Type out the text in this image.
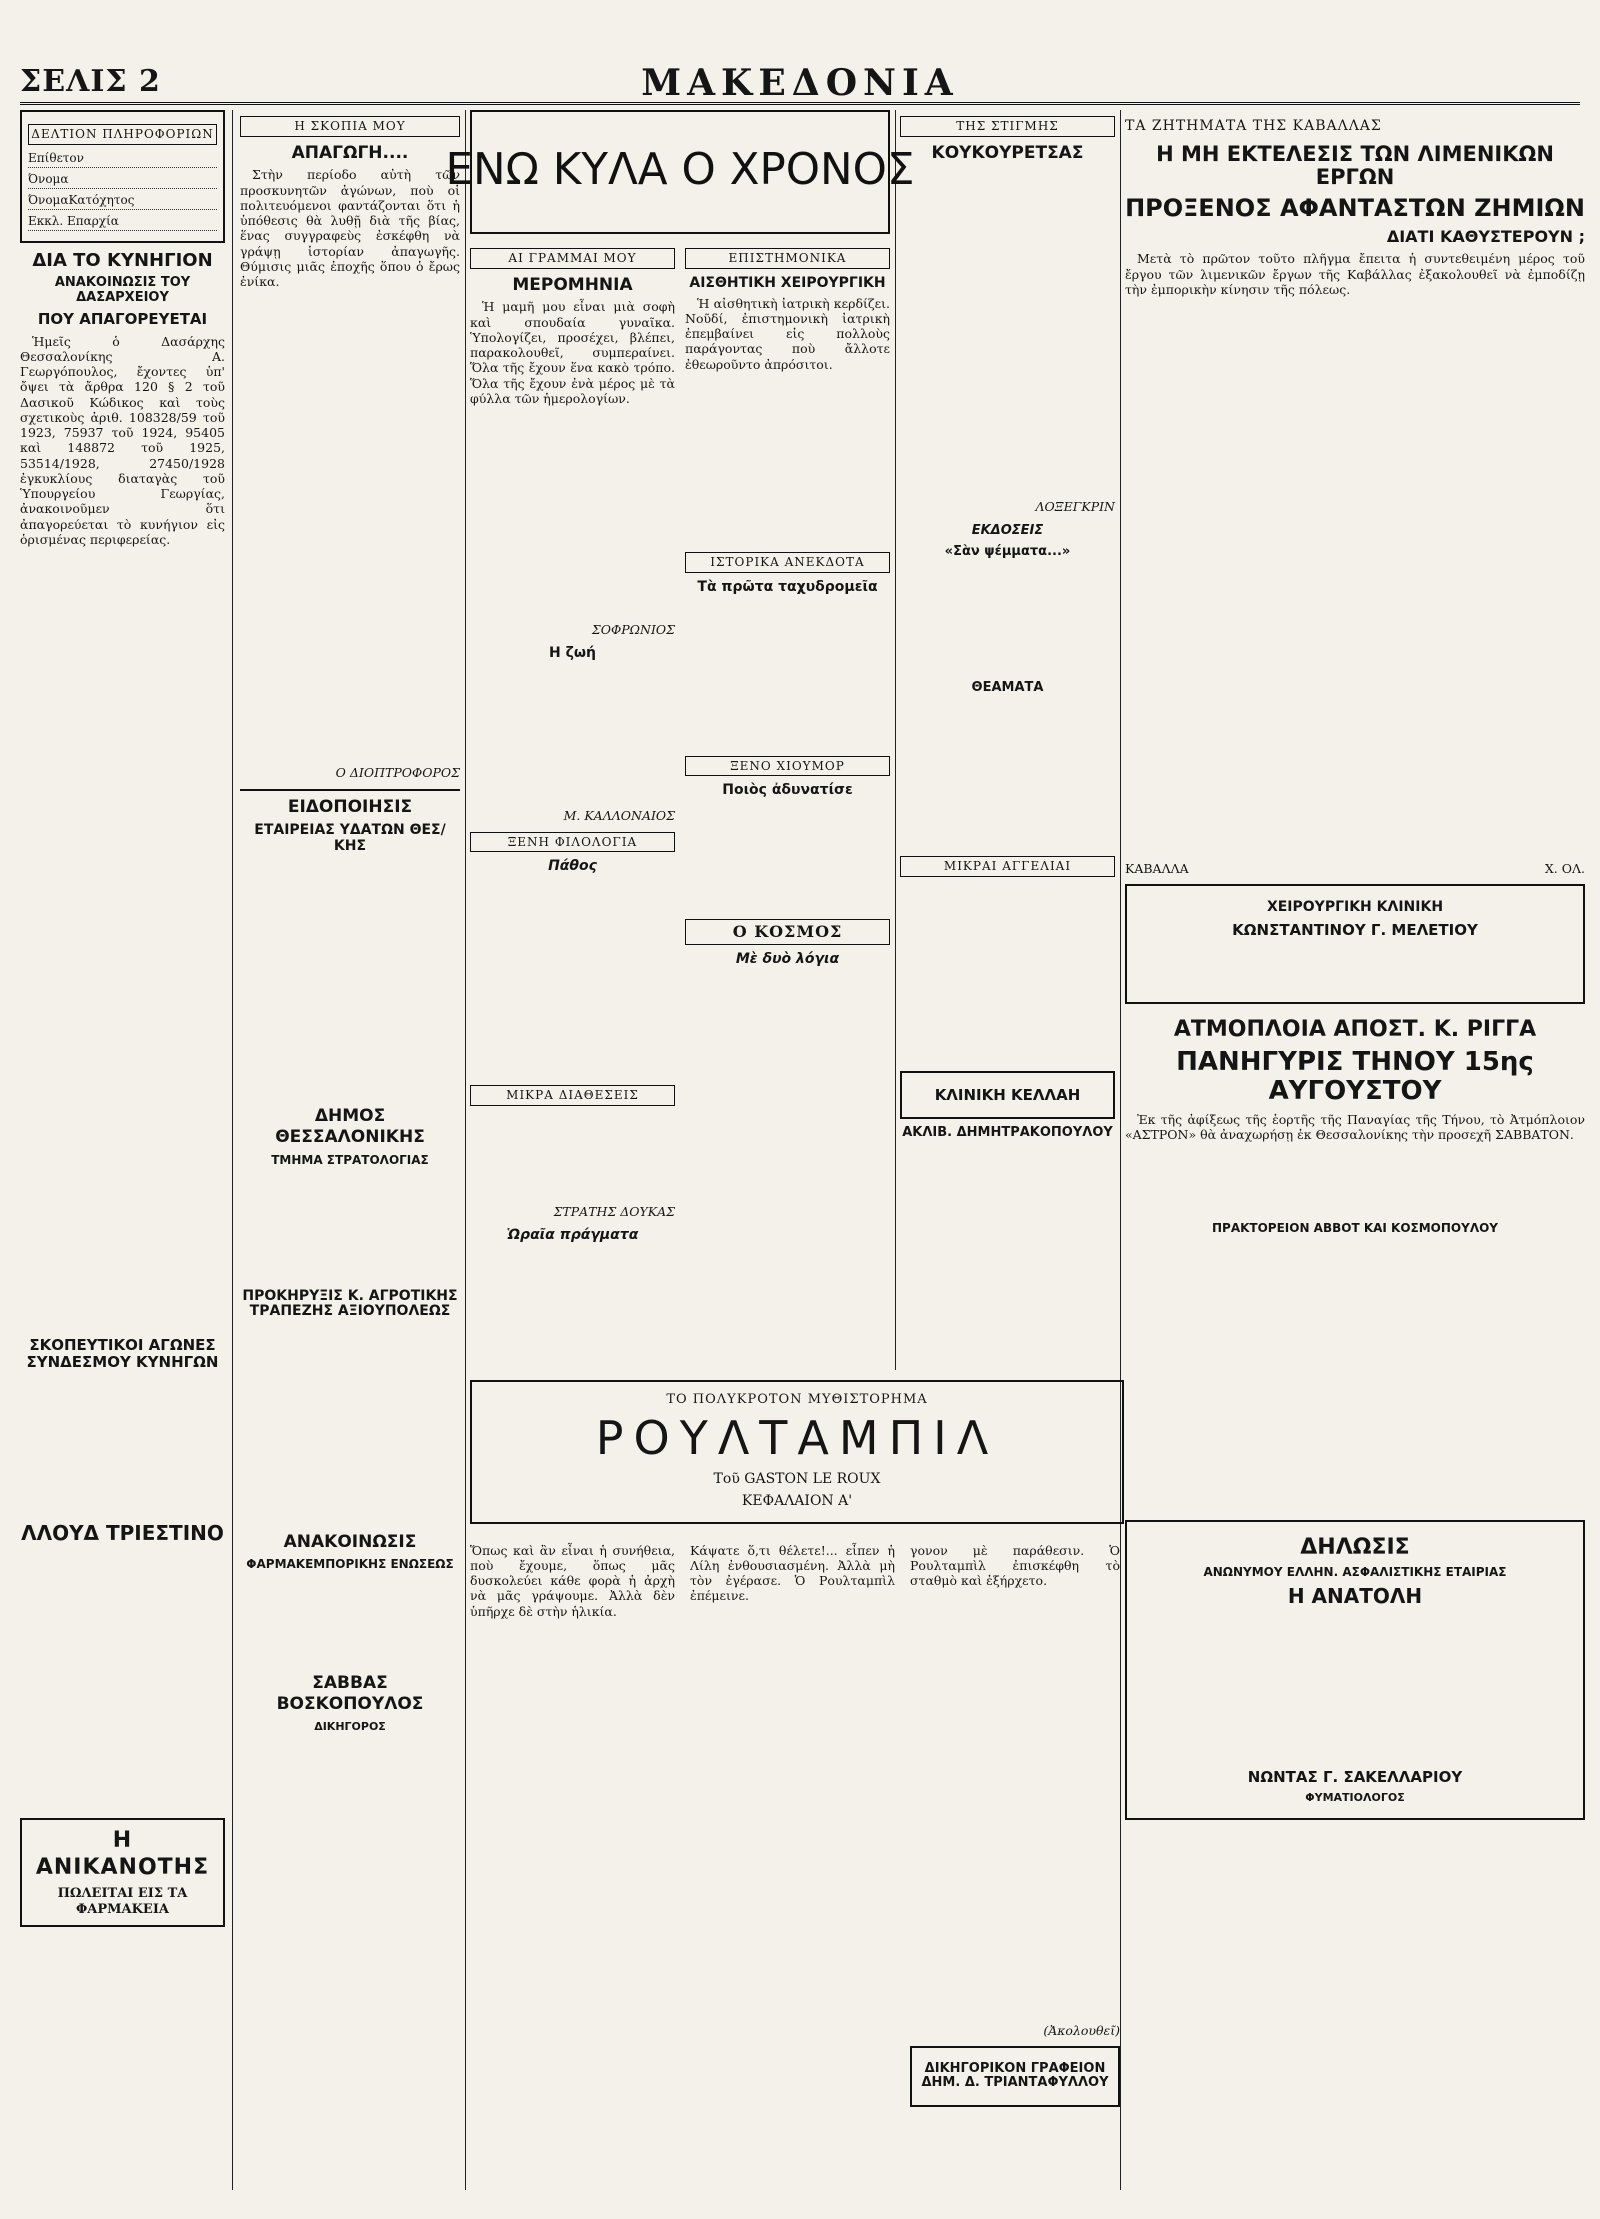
ΣΕΛΙΣ 2	ΜΑΚΕΔΟΝΙΑ
ΔΕΛΤΙΟΝ ΠΛΗΡΟΦΟΡΙΩΝ
Επίθετον
Όνομα
ΌνομαΚατόχητος
Εκκλ. Επαρχία
ΔΙΑ ΤΟ ΚΥΝΗΓΙΟΝ
ΑΝΑΚΟΙΝΩΣΙΣ ΤΟΥ ΔΑΣΑΡΧΕΙΟΥ
ΠΟΥ ΑΠΑΓΟΡΕΥΕΤΑΙ

Ἡμεῖς ὁ Δασάρχης Θεσσαλονίκης Α. Γεωργόπουλος, ἔχοντες ὑπ' ὄψει τὰ ἄρθρα 120 § 2 τοῦ Δασικοῦ Κώδικος καὶ τοὺς σχετικοὺς ἀριθ. 108328/59 τοῦ 1923, 75937 τοῦ 1924, 95405 καὶ 148872 τοῦ 1925, 53514/1928, 27450/1928 ἐγκυκλίους διαταγὰς τοῦ Ὑπουργείου Γεωργίας, ἀνακοινοῦμεν ὅτι ἀπαγορεύεται τὸ κυνήγιον εἰς ὁρισμένας περιφερείας.

ΣΚΟΠΕΥΤΙΚΟΙ ΑΓΩΝΕΣ ΣΥΝΔΕΣΜΟΥ ΚΥΝΗΓΩΝ
ΛΛΟΥΔ ΤΡΙΕΣΤΙΝΟ
Η ΑΝΙΚΑΝΟΤΗΣ
ΠΩΛΕΙΤΑΙ ΕΙΣ ΤΑ ΦΑΡΜΑΚΕΙΑ
Η ΣΚΟΠΙΑ ΜΟΥ
ΑΠΑΓΩΓΗ....

Στὴν περίοδο αὐτὴ τῶν προσκυνητῶν ἀγώνων, ποὺ οἱ πολιτευόμενοι φαντάζονται ὅτι ἡ ὑπόθεσις θὰ λυθῇ διὰ τῆς βίας, ἕνας συγγραφεὺς ἐσκέφθη νὰ γράψῃ ἱστορίαν ἀπαγωγῆς. Θύμισις μιᾶς ἐποχῆς ὅπου ὁ ἔρως ἐνίκα.

Ο ΔΙΟΠΤΡΟΦΟΡΟΣ
ΕΙΔΟΠΟΙΗΣΙΣ
ΕΤΑΙΡΕΙΑΣ ΥΔΑΤΩΝ ΘΕΣ/ΚΗΣ
ΔΗΜΟΣ ΘΕΣΣΑΛΟΝΙΚΗΣ
ΤΜΗΜΑ ΣΤΡΑΤΟΛΟΓΙΑΣ
ΠΡΟΚΗΡΥΞΙΣ Κ. ΑΓΡΟΤΙΚΗΣ ΤΡΑΠΕΖΗΣ ΑΞΙΟΥΠΟΛΕΩΣ
ΑΝΑΚΟΙΝΩΣΙΣ
ΦΑΡΜΑΚΕΜΠΟΡΙΚΗΣ ΕΝΩΣΕΩΣ
ΣΑΒΒΑΣ ΒΟΣΚΟΠΟΥΛΟΣ
ΔΙΚΗΓΟΡΟΣ
ΕΝΩ ΚΥΛΑ Ο ΧΡΟΝΟΣ
ΑΙ ΓΡΑΜΜΑΙ ΜΟΥ
ΜΕΡΟΜΗΝΙΑ

Ἡ μαμῆ μου εἶναι μιὰ σοφὴ καὶ σπουδαία γυναῖκα. Ὑπολογίζει, προσέχει, βλέπει, παρακολουθεῖ, συμπεραίνει. Ὅλα τῆς ἔχουν ἕνα κακὸ τρόπο. Ὅλα τῆς ἔχουν ἐνὰ μέρος μὲ τὰ φύλλα τῶν ἡμερολογίων.

ΣΟΦΡΩΝΙΟΣ
Η ζωή
Μ. ΚΑΛΛΟΝΑΙΟΣ
ΞΕΝΗ ΦΙΛΟΛΟΓΙΑ
Πάθος
ΜΙΚΡΑ ΔΙΑΘΕΣΕΙΣ
ΣΤΡΑΤΗΣ ΔΟΥΚΑΣ
Ὡραῖα πράγματα
ΕΠΙΣΤΗΜΟΝΙΚΑ
ΑΙΣΘΗΤΙΚΗ ΧΕΙΡΟΥΡΓΙΚΗ

Ἡ αἰσθητικὴ ἰατρικὴ κερδίζει. Νοῦδί, ἐπιστημονικὴ ἰατρικὴ ἐπεμβαίνει εἰς πολλοὺς παράγοντας ποὺ ἄλλοτε ἐθεωροῦντο ἀπρόσιτοι.

ΙΣΤΟΡΙΚΑ ΑΝΕΚΔΟΤΑ
Τὰ πρῶτα ταχυδρομεῖα
ΞΕΝΟ ΧΙΟΥΜΟΡ
Ποιὸς ἀδυνατίσε
Ο ΚΟΣΜΟΣ
Μὲ δυὸ λόγια
ΤΗΣ ΣΤΙΓΜΗΣ
ΚΟΥΚΟΥΡΕΤΣΑΣ
ΛΟΞΕΓΚΡΙΝ
ΕΚΔΟΣΕΙΣ
«Σὰν ψέμματα...»
ΘΕΑΜΑΤΑ
ΜΙΚΡΑΙ ΑΓΓΕΛΙΑΙ
ΚΛΙΝΙΚΗ ΚΕΛΛΑΗ
ΑΚΛΙΒ. ΔΗΜΗΤΡΑΚΟΠΟΥΛΟΥ
ΤΑ ΖΗΤΗΜΑΤΑ ΤΗΣ ΚΑΒΑΛΛΑΣ
Η ΜΗ ΕΚΤΕΛΕΣΙΣ ΤΩΝ ΛΙΜΕΝΙΚΩΝ ΕΡΓΩΝ
ΠΡΟΞΕΝΟΣ ΑΦΑΝΤΑΣΤΩΝ ΖΗΜΙΩΝ
ΔΙΑΤΙ ΚΑΘΥΣΤΕΡΟΥΝ ;

Μετὰ τὸ πρῶτον τοῦτο πλῆγμα ἔπειτα ἡ συντεθειμένη μέρος τοῦ ἔργου τῶν λιμενικῶν ἔργων τῆς Καβάλλας ἐξακολουθεῖ νὰ ἐμποδίζῃ τὴν ἐμπορικὴν κίνησιν τῆς πόλεως.

ΚΑΒΑΛΛΑ	Χ. ΟΛ.
ΧΕΙΡΟΥΡΓΙΚΗ ΚΛΙΝΙΚΗ
ΚΩΝΣΤΑΝΤΙΝΟΥ Γ. ΜΕΛΕΤΙΟΥ
ΑΤΜΟΠΛΟΙΑ ΑΠΟΣΤ. Κ. ΡΙΓΓΑ
ΠΑΝΗΓΥΡΙΣ ΤΗΝΟΥ 15ης ΑΥΓΟΥΣΤΟΥ

Ἐκ τῆς ἀφίξεως τῆς ἑορτῆς τῆς Παναγίας τῆς Τήνου, τὸ Ἀτμόπλοιον «ΑΣΤΡΟΝ» θὰ ἀναχωρήσῃ ἐκ Θεσσαλονίκης τὴν προσεχῆ ΣΑΒΒΑΤΟΝ.

ΠΡΑΚΤΟΡΕΙΟΝ ΑΒΒΟΤ ΚΑΙ ΚΟΣΜΟΠΟΥΛΟΥ
ΤΟ ΠΟΛΥΚΡΟΤΟΝ ΜΥΘΙΣΤΟΡΗΜΑ
ΡΟΥΛΤΑΜΠΙΛ
Τοῦ GASTON LE ROUX
ΚΕΦΑΛΑΙΟΝ Α'

Ὅπως καὶ ἂν εἶναι ἡ συνήθεια, ποὺ ἔχουμε, ὅπως μᾶς δυσκολεύει κάθε φορὰ ἡ ἀρχὴ νὰ μᾶς γράψουμε. Ἀλλὰ δὲν ὑπῆρχε δὲ στὴν ἡλικία.

Κάψατε ὅ,τι θέλετε!... εἶπεν ἡ Λίλη ἐνθουσιασμένη. Ἀλλὰ μὴ τὸν ἐγέρασε. Ὁ Ρουλταμπὶλ ἐπέμεινε.

γονον μὲ παράθεσιν. Ὁ Ρουλταμπὶλ ἐπισκέφθη τὸ σταθμὸ καὶ ἐξήρχετο.

(Ἀκολουθεῖ)
ΔΙΚΗΓΟΡΙΚΟΝ ΓΡΑΦΕΙΟΝ ΔΗΜ. Δ. ΤΡΙΑΝΤΑΦΥΛΛΟΥ
ΔΗΛΩΣΙΣ
ΑΝΩΝΥΜΟΥ ΕΛΛΗΝ. ΑΣΦΑΛΙΣΤΙΚΗΣ ΕΤΑΙΡΙΑΣ
Η ΑΝΑΤΟΛΗ
ΝΩΝΤΑΣ Γ. ΣΑΚΕΛΛΑΡΙΟΥ
ΦΥΜΑΤΙΟΛΟΓΟΣ
